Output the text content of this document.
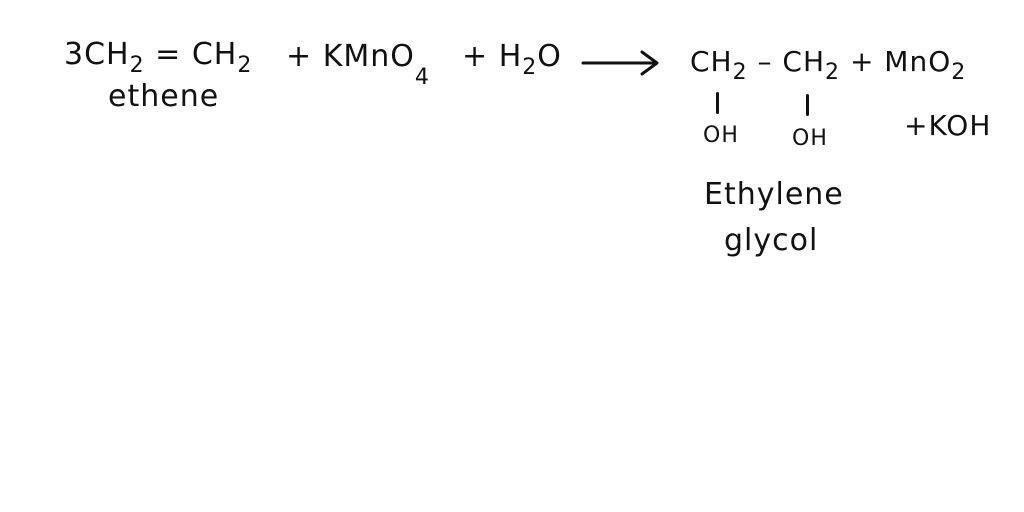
$3CH_2 = CH_2$
ethene
+ KMnO$_4$
+ $H_2O$	$CH_2 - CH_2 + MnO_2$
OH OH	+KOH
Ethylene
glycol
